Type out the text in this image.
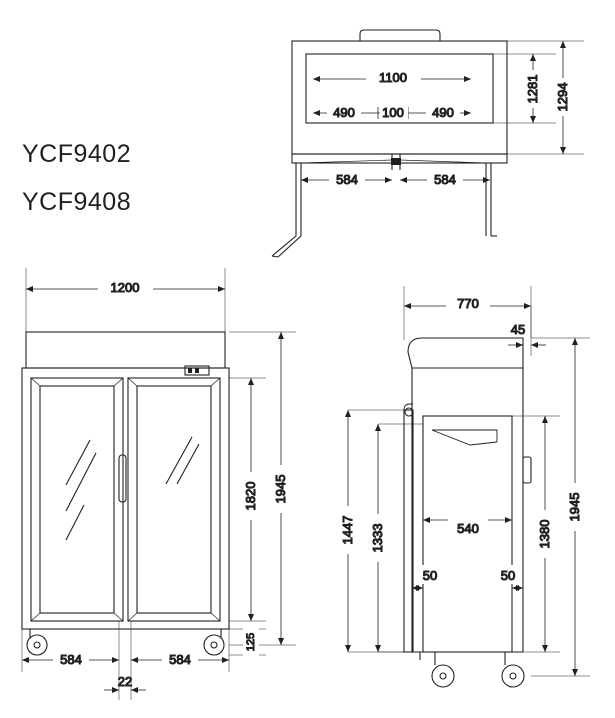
YCF9402
YCF9408
1100
490 100 490
584	584
1281 1294
1200
584	584
22
1820 1945
125
770
45
1447 1333	540	1380
1945
50	50
